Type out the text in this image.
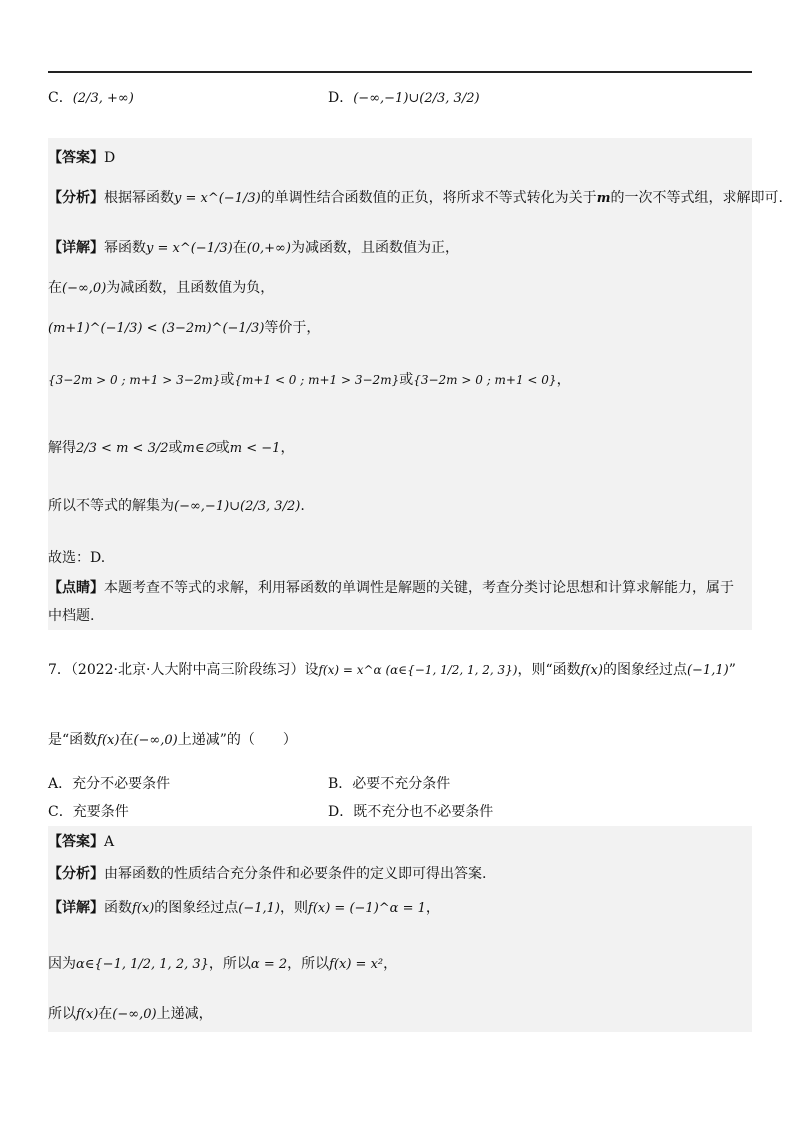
C．(2/3, +∞)	D．(−∞,−1)∪(2/3, 3/2)
【答案】D
【分析】根据幂函数y = x^(−1/3)的单调性结合函数值的正负，将所求不等式转化为关于m的一次不等式组，求解即可.
【详解】幂函数y = x^(−1/3)在(0,+∞)为减函数，且函数值为正，
在(−∞,0)为减函数，且函数值为负，
(m+1)^(−1/3) < (3−2m)^(−1/3)等价于，
{3−2m > 0 ; m+1 > 3−2m}或{m+1 < 0 ; m+1 > 3−2m}或{3−2m > 0 ; m+1 < 0}，
解得2/3 < m < 3/2或m∈∅或m < −1，
所以不等式的解集为(−∞,−1)∪(2/3, 3/2).
故选：D.
【点睛】本题考查不等式的求解，利用幂函数的单调性是解题的关键，考查分类讨论思想和计算求解能力，属于
中档题.
7．（2022·北京·人大附中高三阶段练习）设f(x) = x^α (α∈{−1, 1/2, 1, 2, 3})，则“函数f(x)的图象经过点(−1,1)”
是“函数f(x)在(−∞,0)上递减”的（　　）
A．充分不必要条件	B．必要不充分条件
C．充要条件	D．既不充分也不必要条件
【答案】A
【分析】由幂函数的性质结合充分条件和必要条件的定义即可得出答案.
【详解】函数f(x)的图象经过点(−1,1)，则f(x) = (−1)^α = 1，
因为α∈{−1, 1/2, 1, 2, 3}，所以α = 2，所以f(x) = x²，
所以f(x)在(−∞,0)上递减，
